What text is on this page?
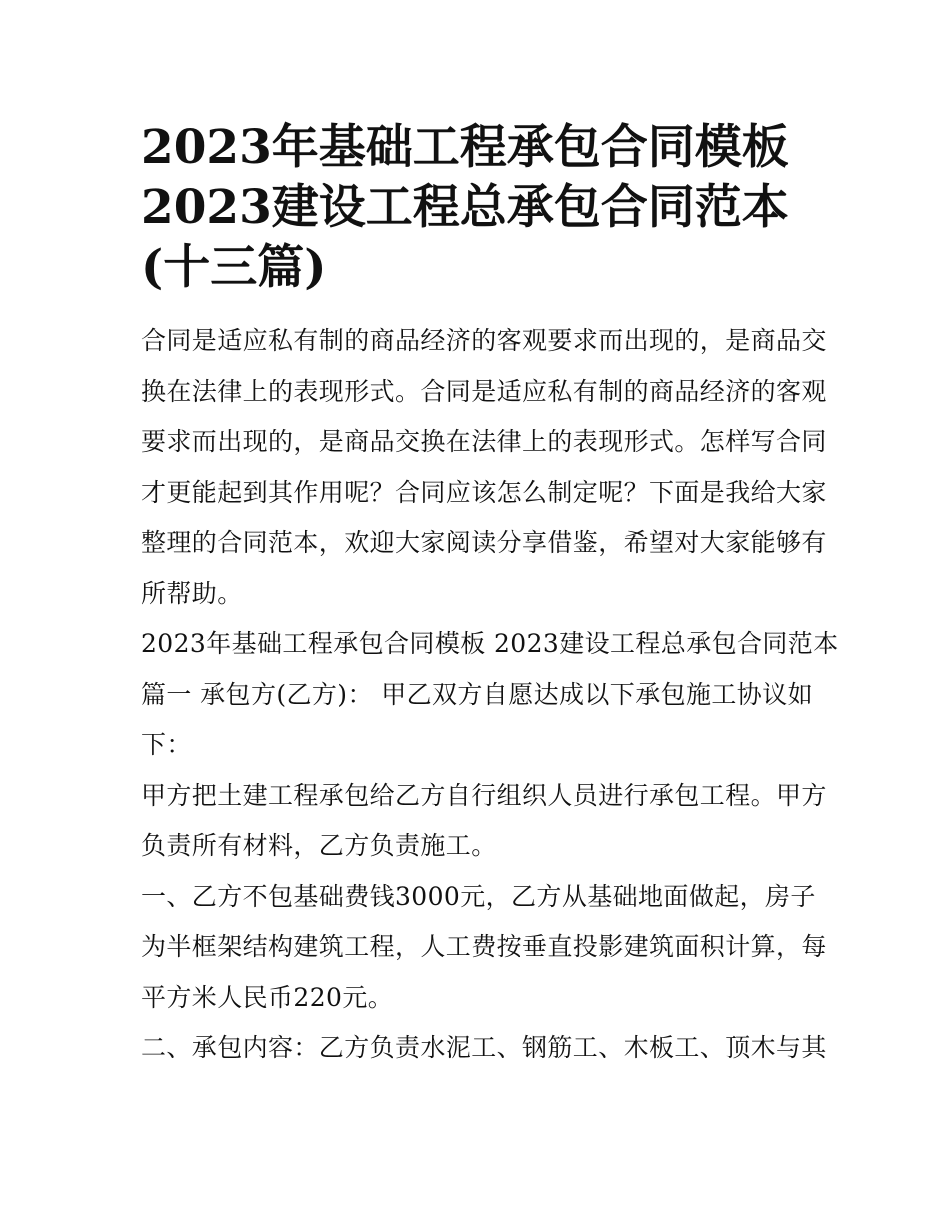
2023年基础工程承包合同模板
2023建设工程总承包合同范本
(十三篇)

合同是适应私有制的商品经济的客观要求而出现的，是商品交
换在法律上的表现形式。合同是适应私有制的商品经济的客观
要求而出现的，是商品交换在法律上的表现形式。怎样写合同
才更能起到其作用呢？合同应该怎么制定呢？下面是我给大家
整理的合同范本，欢迎大家阅读分享借鉴，希望对大家能够有
所帮助。

2023年基础工程承包合同模板 2023建设工程总承包合同范本
篇一 承包方(乙方)： 甲乙双方自愿达成以下承包施工协议如
下：

甲方把土建工程承包给乙方自行组织人员进行承包工程。甲方
负责所有材料，乙方负责施工。

一、乙方不包基础费钱3000元，乙方从基础地面做起，房子
为半框架结构建筑工程，人工费按垂直投影建筑面积计算，每
平方米人民币220元。

二、承包内容：乙方负责水泥工、钢筋工、木板工、顶木与其
